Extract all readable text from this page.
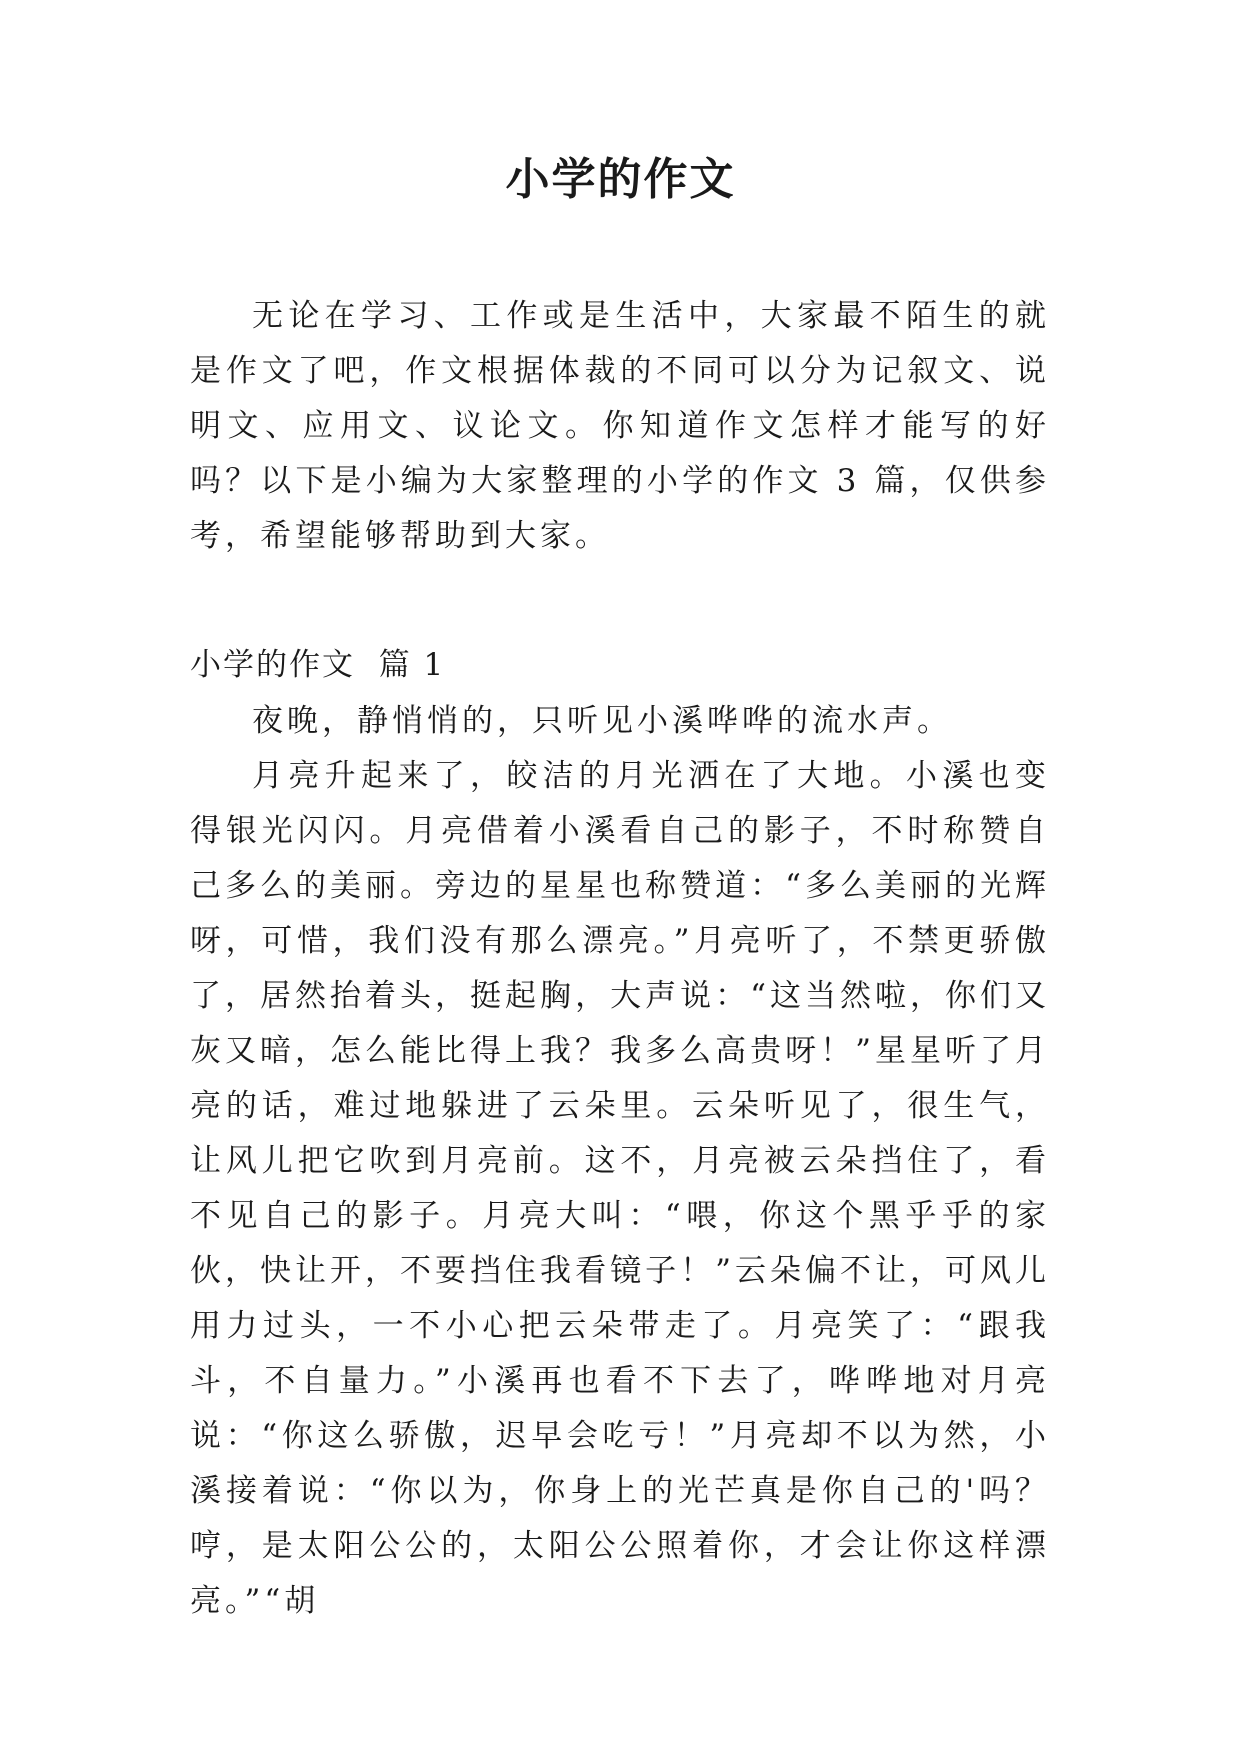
小学的作文

无论在学习、工作或是生活中，大家最不陌生的就是作文了吧，作文根据体裁的不同可以分为记叙文、说明文、应用文、议论文。你知道作文怎样才能写的好吗？以下是小编为大家整理的小学的作文 3 篇，仅供参考，希望能够帮助到大家。

小学的作文  篇 1

夜晚，静悄悄的，只听见小溪哗哗的流水声。

月亮升起来了，皎洁的月光洒在了大地。小溪也变得银光闪闪。月亮借着小溪看自己的影子，不时称赞自己多么的美丽。旁边的星星也称赞道：“多么美丽的光辉呀，可惜，我们没有那么漂亮。”月亮听了，不禁更骄傲了，居然抬着头，挺起胸，大声说：“这当然啦，你们又灰又暗，怎么能比得上我？我多么高贵呀！”星星听了月亮的话，难过地躲进了云朵里。云朵听见了，很生气，让风儿把它吹到月亮前。这不，月亮被云朵挡住了，看不见自己的影子。月亮大叫：“喂，你这个黑乎乎的家伙，快让开，不要挡住我看镜子！”云朵偏不让，可风儿用力过头，一不小心把云朵带走了。月亮笑了：“跟我斗，不自量力。”小溪再也看不下去了，哗哗地对月亮说：“你这么骄傲，迟早会吃亏！”月亮却不以为然，小溪接着说：“你以为，你身上的光芒真是你自己的'吗？哼，是太阳公公的，太阳公公照着你，才会让你这样漂亮。”“胡
